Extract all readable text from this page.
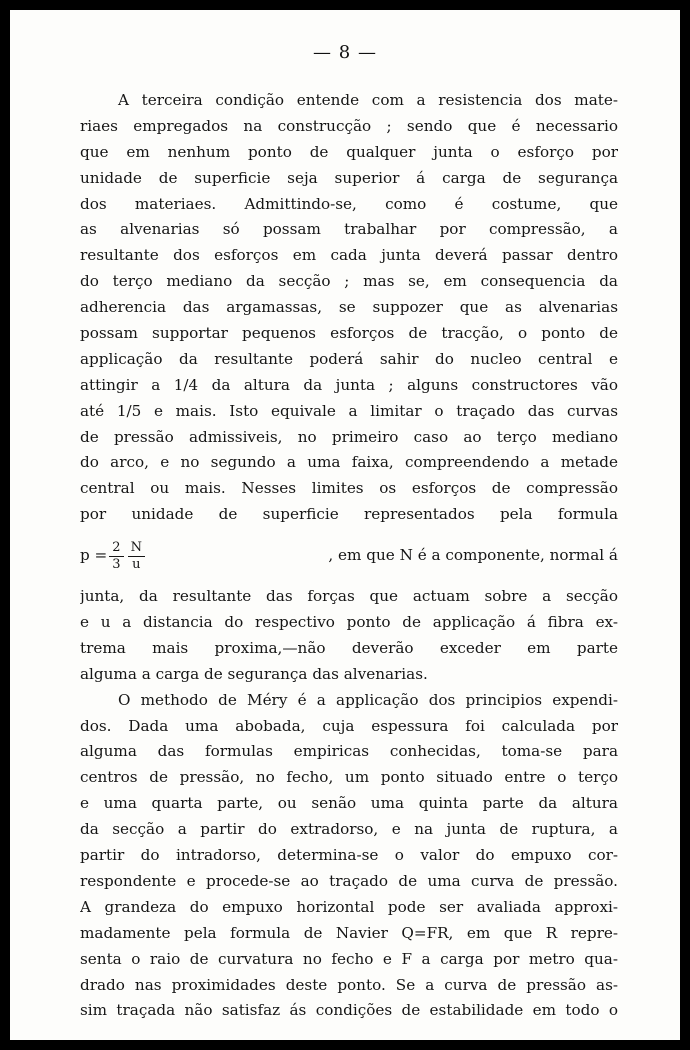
— 8 —
A terceira condição entende com a resistencia dos mate-
riaes empregados na construcção ; sendo que é necessario
que em nenhum ponto de qualquer junta o esforço por
unidade de superficie seja superior á carga de segurança
dos materiaes. Admittindo-se, como é costume, que
as alvenarias só possam trabalhar por compressão, a
resultante dos esforços em cada junta deverá passar dentro
do terço mediano da secção ; mas se, em consequencia da
adherencia das argamassas, se suppozer que as alvenarias
possam supportar pequenos esforços de tracção, o ponto de
applicação da resultante poderá sahir do nucleo central e
attingir a 1/4 da altura da junta ; alguns constructores vão
até 1/5 e mais. Isto equivale a limitar o traçado das curvas
de pressão admissiveis, no primeiro caso ao terço mediano
do arco, e no segundo a uma faixa, compreendendo a metade
central ou mais. Nesses limites os esforços de compressão
por unidade de superficie representados pela formula
$p = \frac{2}{3} \frac{N}{u}$	, em que N é a componente, normal á
junta, da resultante das forças que actuam sobre a secção
e u a distancia do respectivo ponto de applicação á fibra ex-
trema mais proxima,—não deverão exceder em parte
alguma a carga de segurança das alvenarias.
O methodo de Méry é a applicação dos principios expendi-
dos. Dada uma abobada, cuja espessura foi calculada por
alguma das formulas empiricas conhecidas, toma-se para
centros de pressão, no fecho, um ponto situado entre o terço
e uma quarta parte, ou senão uma quinta parte da altura
da secção a partir do extradorso, e na junta de ruptura, a
partir do intradorso, determina-se o valor do empuxo cor-
respondente e procede-se ao traçado de uma curva de pressão.
A grandeza do empuxo horizontal pode ser avaliada approxi-
madamente pela formula de Navier Q=FR, em que R repre-
senta o raio de curvatura no fecho e F a carga por metro qua-
drado nas proximidades deste ponto. Se a curva de pressão as-
sim traçada não satisfaz ás condições de estabilidade em todo o
